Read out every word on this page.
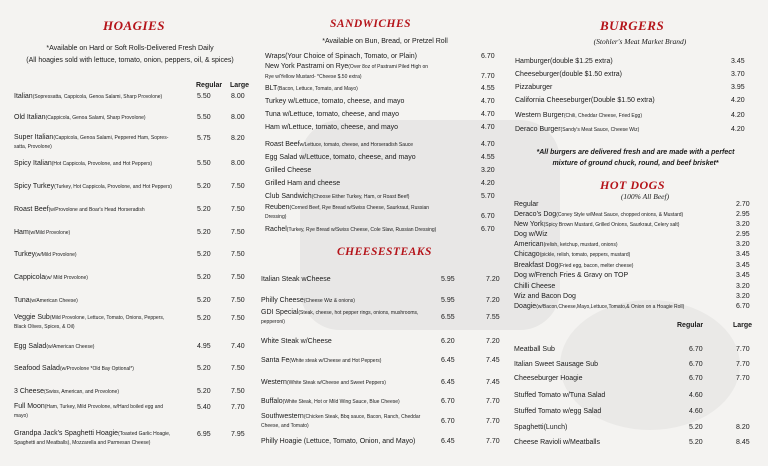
HOAGIES
*Available on Hard or Soft Rolls-Delivered Fresh Daily
(All hoagies sold with lettuce, tomato, onion, peppers, oil, & spices)
Regular Large
Italian(Sopressatta, Cappicola, Genoa Salami, Sharp Provolone)	5.50	8.00
Old Italian(Cappicola, Genoa Salami, Sharp Provolone)	5.50	8.00
Super Italian(Cappicola, Genoa Salami, Peppered Ham, Sopres-
satta, Provolone)
5.75	8.20
Spicy Italian(Hot Cappicola, Provolone, and Hot Peppers)	5.50	8.00
Spicy Turkey(Turkey, Hot Cappicola, Provolone, and Hot Peppers)	5.20	7.50
Roast Beef(w/Provolone and Boar's Head Horseradish	5.20	7.50
Ham(w/Mild Provolone)	5.20	7.50
Turkey(w/Mild Provolone)	5.20	7.50
Cappicola(w/ Mild Provolone)	5.20	7.50
Tuna(w/American Cheese)	5.20	7.50
Veggie Sub(Mild Provolone, Lettuce, Tomato, Onions, Peppers,
Black Olives, Spices, & Oil)
5.20	7.50
Egg Salad(w/American Cheese)	4.95	7.40
Seafood Salad(w/Provolone *Old Bay Optional*)	5.20	7.50
3 Cheese(Swiss, American, and Provolone)	5.20	7.50
Full Moon(Ham, Turkey, Mild Provolone, w/Hard boiled egg and
mayo)
5.40	7.70
Grandpa Jack's Spaghetti Hoagie(Toasted Garlic Hoagie,
Spaghetti and Meatballs), Mozzarella and Parmesan Cheese)
6.95	7.95
SANDWICHES
*Available on Bun, Bread, or Pretzel Roll
Wraps(Your Choice of Spinach, Tomato, or Plain)	6.70
New York Pastrami on Rye(Over 8oz of Pastrami Piled High on
Rye w/Yellow Mustard- *Cheese $.50 extra)	7.70
BLT(Bacon, Lettuce, Tomato, and Mayo)	4.55
Turkey w/Lettuce, tomato, cheese, and mayo	4.70
Tuna w/Lettuce, tomato, cheese, and mayo	4.70
Ham w/Lettuce, tomato, cheese, and mayo	4.70
Roast Beefw/Lettuce, tomato, cheese, and Horseradish Sauce	4.70
Egg Salad w/Lettuce, tomato, cheese, and mayo	4.55
Grilled Cheese	3.20
Grilled Ham and cheese	4.20
Club Sandwich(Choose Either Turkey, Ham, or Roast Beef)	5.70
Reuben(Corned Beef, Rye Bread w/Swiss Cheese, Saurkraut, Russian
Dressing)	6.70
Rachel(Turkey, Rye Bread w/Swiss Cheese, Cole Slaw, Russian Dressing)	6.70
CHEESESTEAKS
Italian Steak wCheese	5.95	7.20
Philly Cheese(Cheese Wiz & onions)	5.95	7.20
GDI Special(Steak, cheese, hot pepper rings, onions, mushrooms,
pepperoni)
6.55	7.55
White Steak w/Cheese	6.20	7.20
Santa Fe(White steak w/Cheese and Hot Peppers)	6.45	7.45
Western(White Steak w/Cheese and Sweet Peppers)	6.45	7.45
Buffalo(White Steak, Hot or Mild Wing Sauce, Blue Cheese)	6.70	7.70
Southwestern(Chicken Steak, Bbq sauce, Bacon, Ranch, Cheddar
Cheese, and Tomato)
6.70	7.70
Philly Hoagie (Lettuce, Tomato, Onion, and Mayo)	6.45	7.70
BURGERS
(Stohler's Meat Market Brand)
Hamburger(double $1.25 extra)	3.45
Cheeseburger(double $1.50 extra)	3.70
Pizzaburger	3.95
California Cheeseburger(Double $1.50 extra)	4.20
Western Burger(Chili, Cheddar Cheese, Fried Egg)	4.20
Deraco Burger(Sandy's Meat Sauce, Cheese Wiz)	4.20
*All burgers are delivered fresh and are made with a perfect
mixture of ground chuck, round, and beef brisket*
HOT DOGS
(100% All Beef)
Regular	2.70
Deraco's Dog(Coney Style w/Meat Sauce, chopped onions, & Mustard)	2.95
New York(Spicy Brown Mustard, Grilled Onions, Saurkraut, Celery salt)	3.20
Dog w/Wiz	2.95
American(relish, ketchup, mustard, onions)	3.20
Chicago(pickle, relish, tomato, peppers, mustard)	3.45
Breakfast Dog(Fried egg, bacon, melter cheese)	3.45
Dog w/French Fries & Gravy on TOP	3.45
Chilli Cheese	3.20
Wiz and Bacon Dog	3.20
Doagie(w/Bacon,Cheese,Mayo,Lettuce,Tomato,& Onion on a Hoagie Roll)	6.70
Regular	Large
Meatball Sub	6.70	7.70
Italian Sweet Sausage Sub	6.70	7.70
Cheeseburger Hoagie	6.70	7.70
Stuffed Tomato w/Tuna Salad	4.60
Stuffed Tomato w/egg Salad	4.60
Spaghetti(Lunch)	5.20	8.20
Cheese Ravioli w/Meatballs	5.20	8.45
